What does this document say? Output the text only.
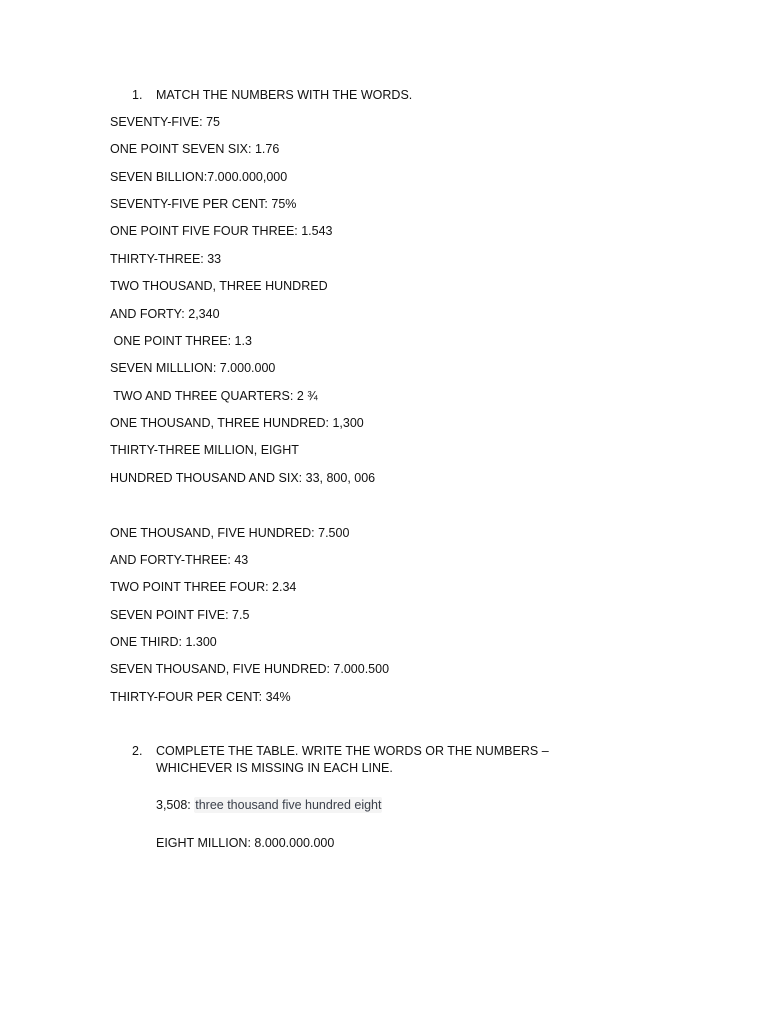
1. MATCH THE NUMBERS WITH THE WORDS.
SEVENTY-FIVE: 75
ONE POINT SEVEN SIX: 1.76
SEVEN BILLION:7.000.000,000
SEVENTY-FIVE PER CENT: 75%
ONE POINT FIVE FOUR THREE: 1.543
THIRTY-THREE: 33
TWO THOUSAND, THREE HUNDRED
AND FORTY: 2,340
ONE POINT THREE: 1.3
SEVEN MILLLION: 7.000.000
TWO AND THREE QUARTERS: 2 ¾
ONE THOUSAND, THREE HUNDRED: 1,300
THIRTY-THREE MILLION, EIGHT
HUNDRED THOUSAND AND SIX: 33, 800, 006
ONE THOUSAND, FIVE HUNDRED: 7.500
AND FORTY-THREE: 43
TWO POINT THREE FOUR: 2.34
SEVEN POINT FIVE: 7.5
ONE THIRD: 1.300
SEVEN THOUSAND, FIVE HUNDRED: 7.000.500
THIRTY-FOUR PER CENT: 34%
2. COMPLETE THE TABLE. WRITE THE WORDS OR THE NUMBERS – WHICHEVER IS MISSING IN EACH LINE.
3,508: three thousand five hundred eight
EIGHT MILLION: 8.000.000.000
